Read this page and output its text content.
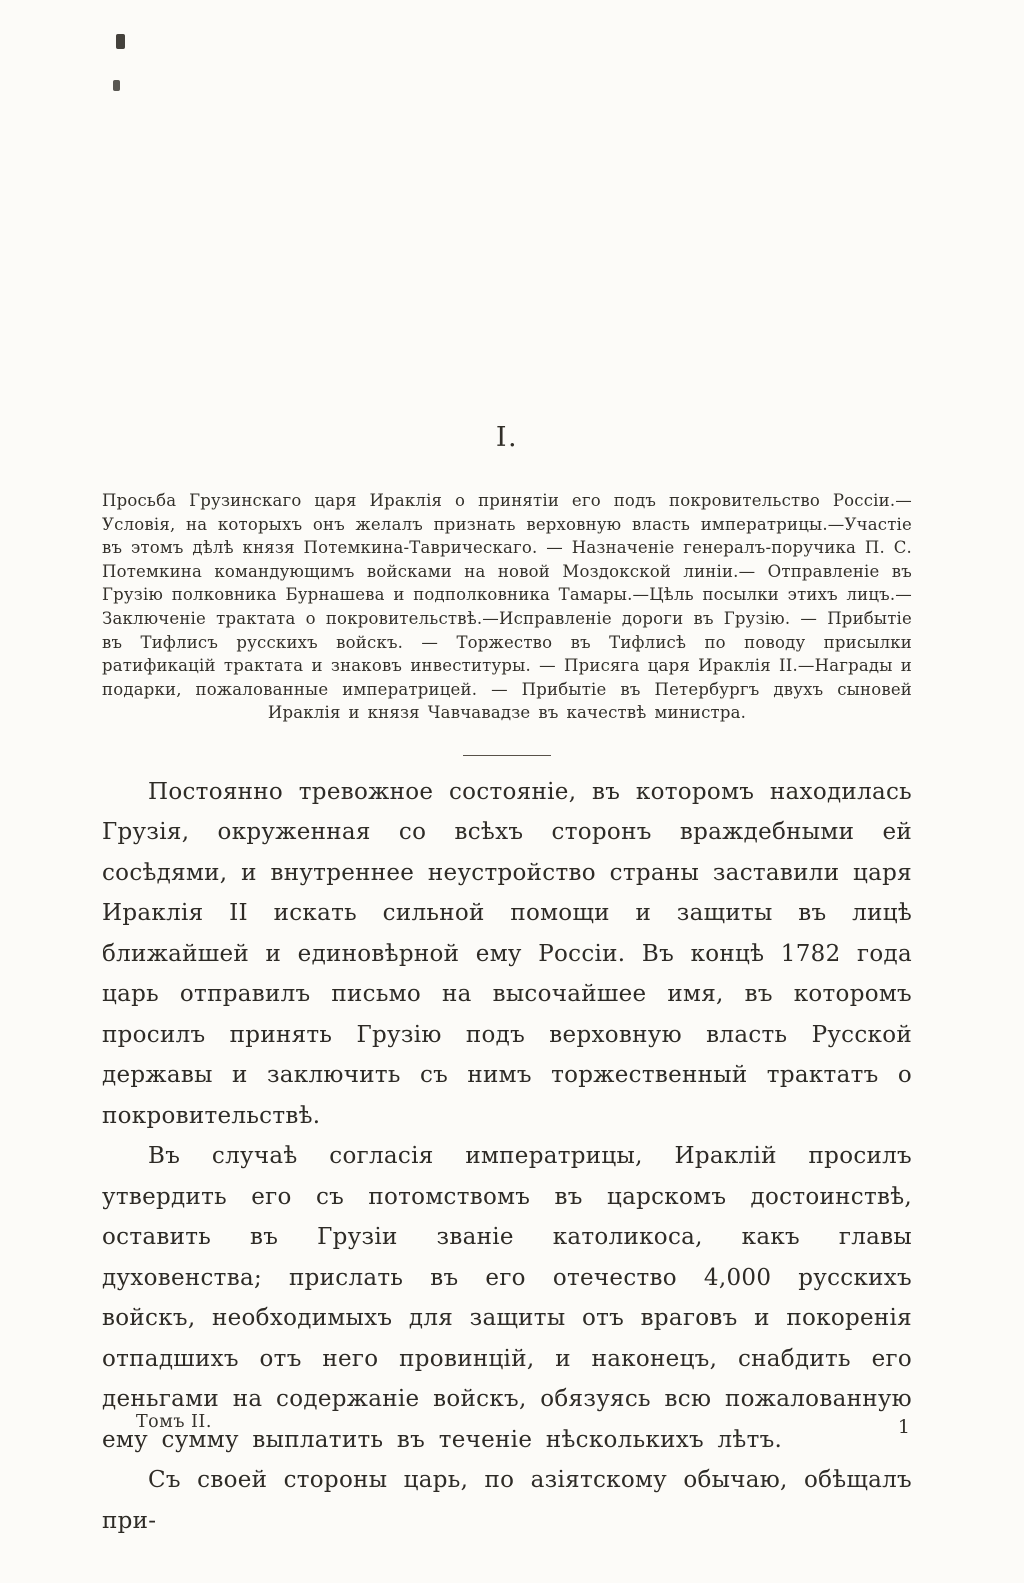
I.
Просьба Грузинскаго царя Ираклія о принятіи его подъ покровительство Россіи.— Условія, на которыхъ онъ желалъ признать верховную власть императрицы.—Участіе въ этомъ дѣлѣ князя Потемкина-Таврическаго. — Назначеніе генералъ-поручика П. С. Потемкина командующимъ войсками на новой Моздокской линіи.— Отправленіе въ Грузію полковника Бурнашева и подполковника Тамары.—Цѣль посылки этихъ лицъ.—Заключеніе трактата о покровительствѣ.—Исправленіе дороги въ Грузію. — Прибытіе въ Тифлисъ русскихъ войскъ. — Торжество въ Тифлисѣ по поводу присылки ратификацій трактата и знаковъ инвеституры. — Присяга царя Ираклія II.—Награды и подарки, пожалованные императрицей. — Прибытіе въ Петербургъ двухъ сыновей Ираклія и князя Чавчавадзе въ качествѣ министра.

Постоянно тревожное состояніе, въ которомъ находилась Грузія, окруженная со всѣхъ сторонъ враждебными ей сосѣдями, и внутреннее неустройство страны заставили царя Ираклія II искать сильной помощи и защиты въ лицѣ ближайшей и единовѣрной ему Россіи. Въ концѣ 1782 года царь отправилъ письмо на высочайшее имя, въ которомъ просилъ принять Грузію подъ верховную власть Русской державы и заключить съ нимъ торжественный трактатъ о покровительствѣ.

Въ случаѣ согласія императрицы, Ираклій просилъ утвердить его съ потомствомъ въ царскомъ достоинствѣ, оставить въ Грузіи званіе католикоса, какъ главы духовенства; прислать въ его отечество 4,000 русскихъ войскъ, необходимыхъ для защиты отъ враговъ и покоренія отпадшихъ отъ него провинцій, и наконецъ, снабдить его деньгами на содержаніе войскъ, обязуясь всю пожалованную ему сумму выплатить въ теченіе нѣсколькихъ лѣтъ.

Съ своей стороны царь, по азіятскому обычаю, обѣщалъ при-

Томъ II.	1
